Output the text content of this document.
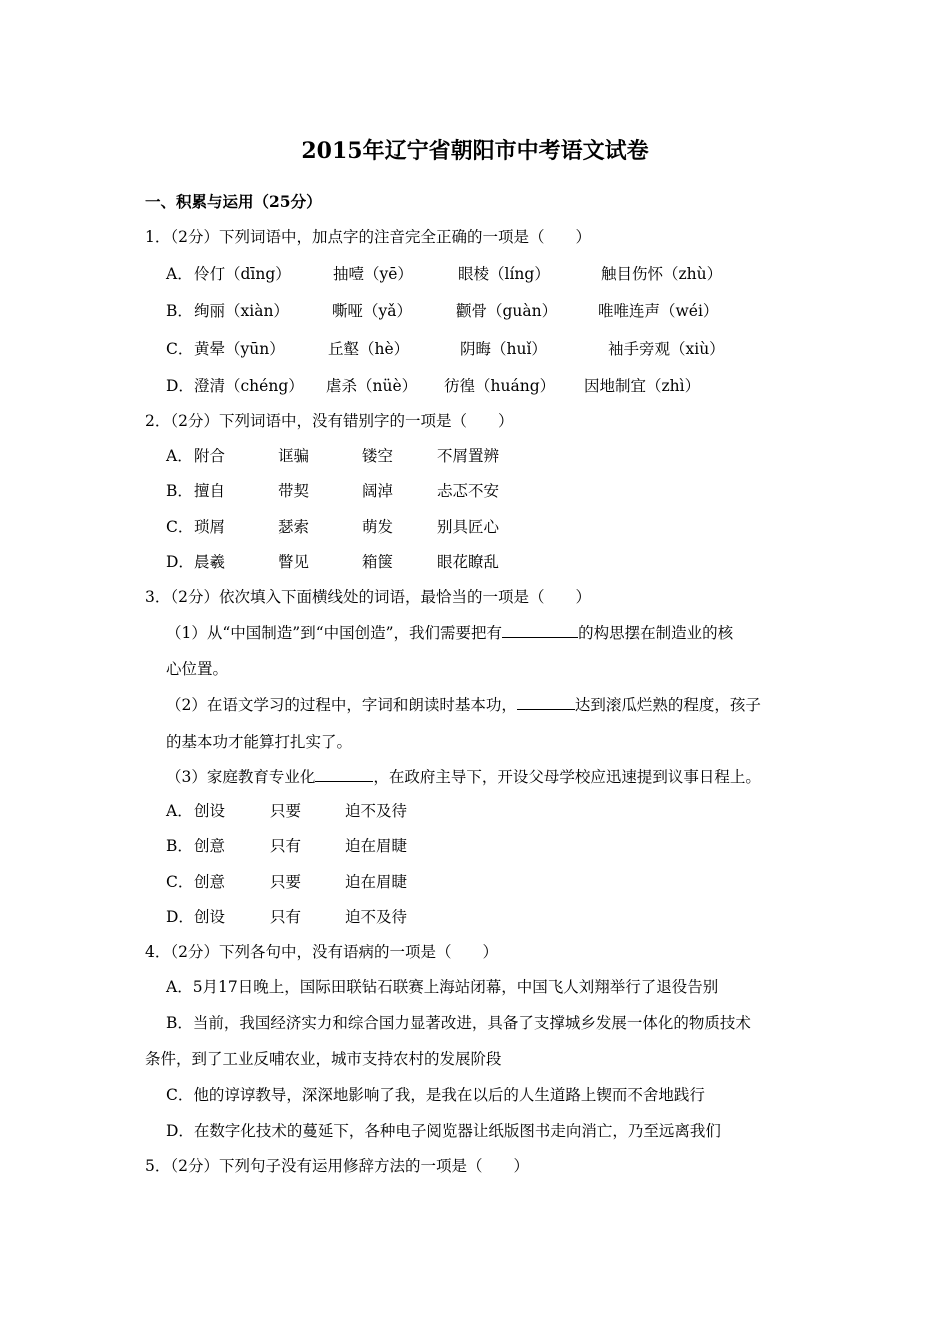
2015年辽宁省朝阳市中考语文试卷
一、积累与运用（25分）
1．（2分）下列词语中，加点字的注音完全正确的一项是（　　）
A． 伶仃（dīng）	抽噎（yē）	眼棱（líng）	触目伤怀（zhù）
B． 绚丽（xiàn）	嘶哑（yǎ）	颧骨（guàn）	唯唯连声（wéi）
C． 黄晕（yūn）	丘壑（hè）	阴晦（huǐ）	袖手旁观（xiù）
D． 澄清（chéng） 虐杀（nüè） 彷徨（huáng） 因地制宜（zhì）
2．（2分）下列词语中，没有错别字的一项是（　　）
A． 附合	诓骗	镂空	不屑置辨
B． 擅自	带契	阔淖	忐忑不安
C． 琐屑	瑟索	萌发	别具匠心
D． 晨羲	瞥见	箱箧	眼花瞭乱
3．（2分）依次填入下面横线处的词语，最恰当的一项是（　　）
（1）从“中国制造”到“中国创造”，我们需要把有	的构思摆在制造业的核
心位置。
（2）在语文学习的过程中，字词和朗读时基本功，	达到滚瓜烂熟的程度，孩子
的基本功才能算打扎实了。
（3）家庭教育专业化	，在政府主导下，开设父母学校应迅速提到议事日程上。
A． 创设	只要	迫不及待
B． 创意	只有	迫在眉睫
C． 创意	只要	迫在眉睫
D． 创设	只有	迫不及待
4．（2分）下列各句中，没有语病的一项是（　　）
A．5月17日晚上，国际田联钻石联赛上海站闭幕，中国飞人刘翔举行了退役告别
B．当前，我国经济实力和综合国力显著改进，具备了支撑城乡发展一体化的物质技术
条件，到了工业反哺农业，城市支持农村的发展阶段
C．他的谆谆教导，深深地影响了我，是我在以后的人生道路上锲而不舍地践行
D．在数字化技术的蔓延下，各种电子阅览器让纸版图书走向消亡，乃至远离我们
5．（2分）下列句子没有运用修辞方法的一项是（　　）
